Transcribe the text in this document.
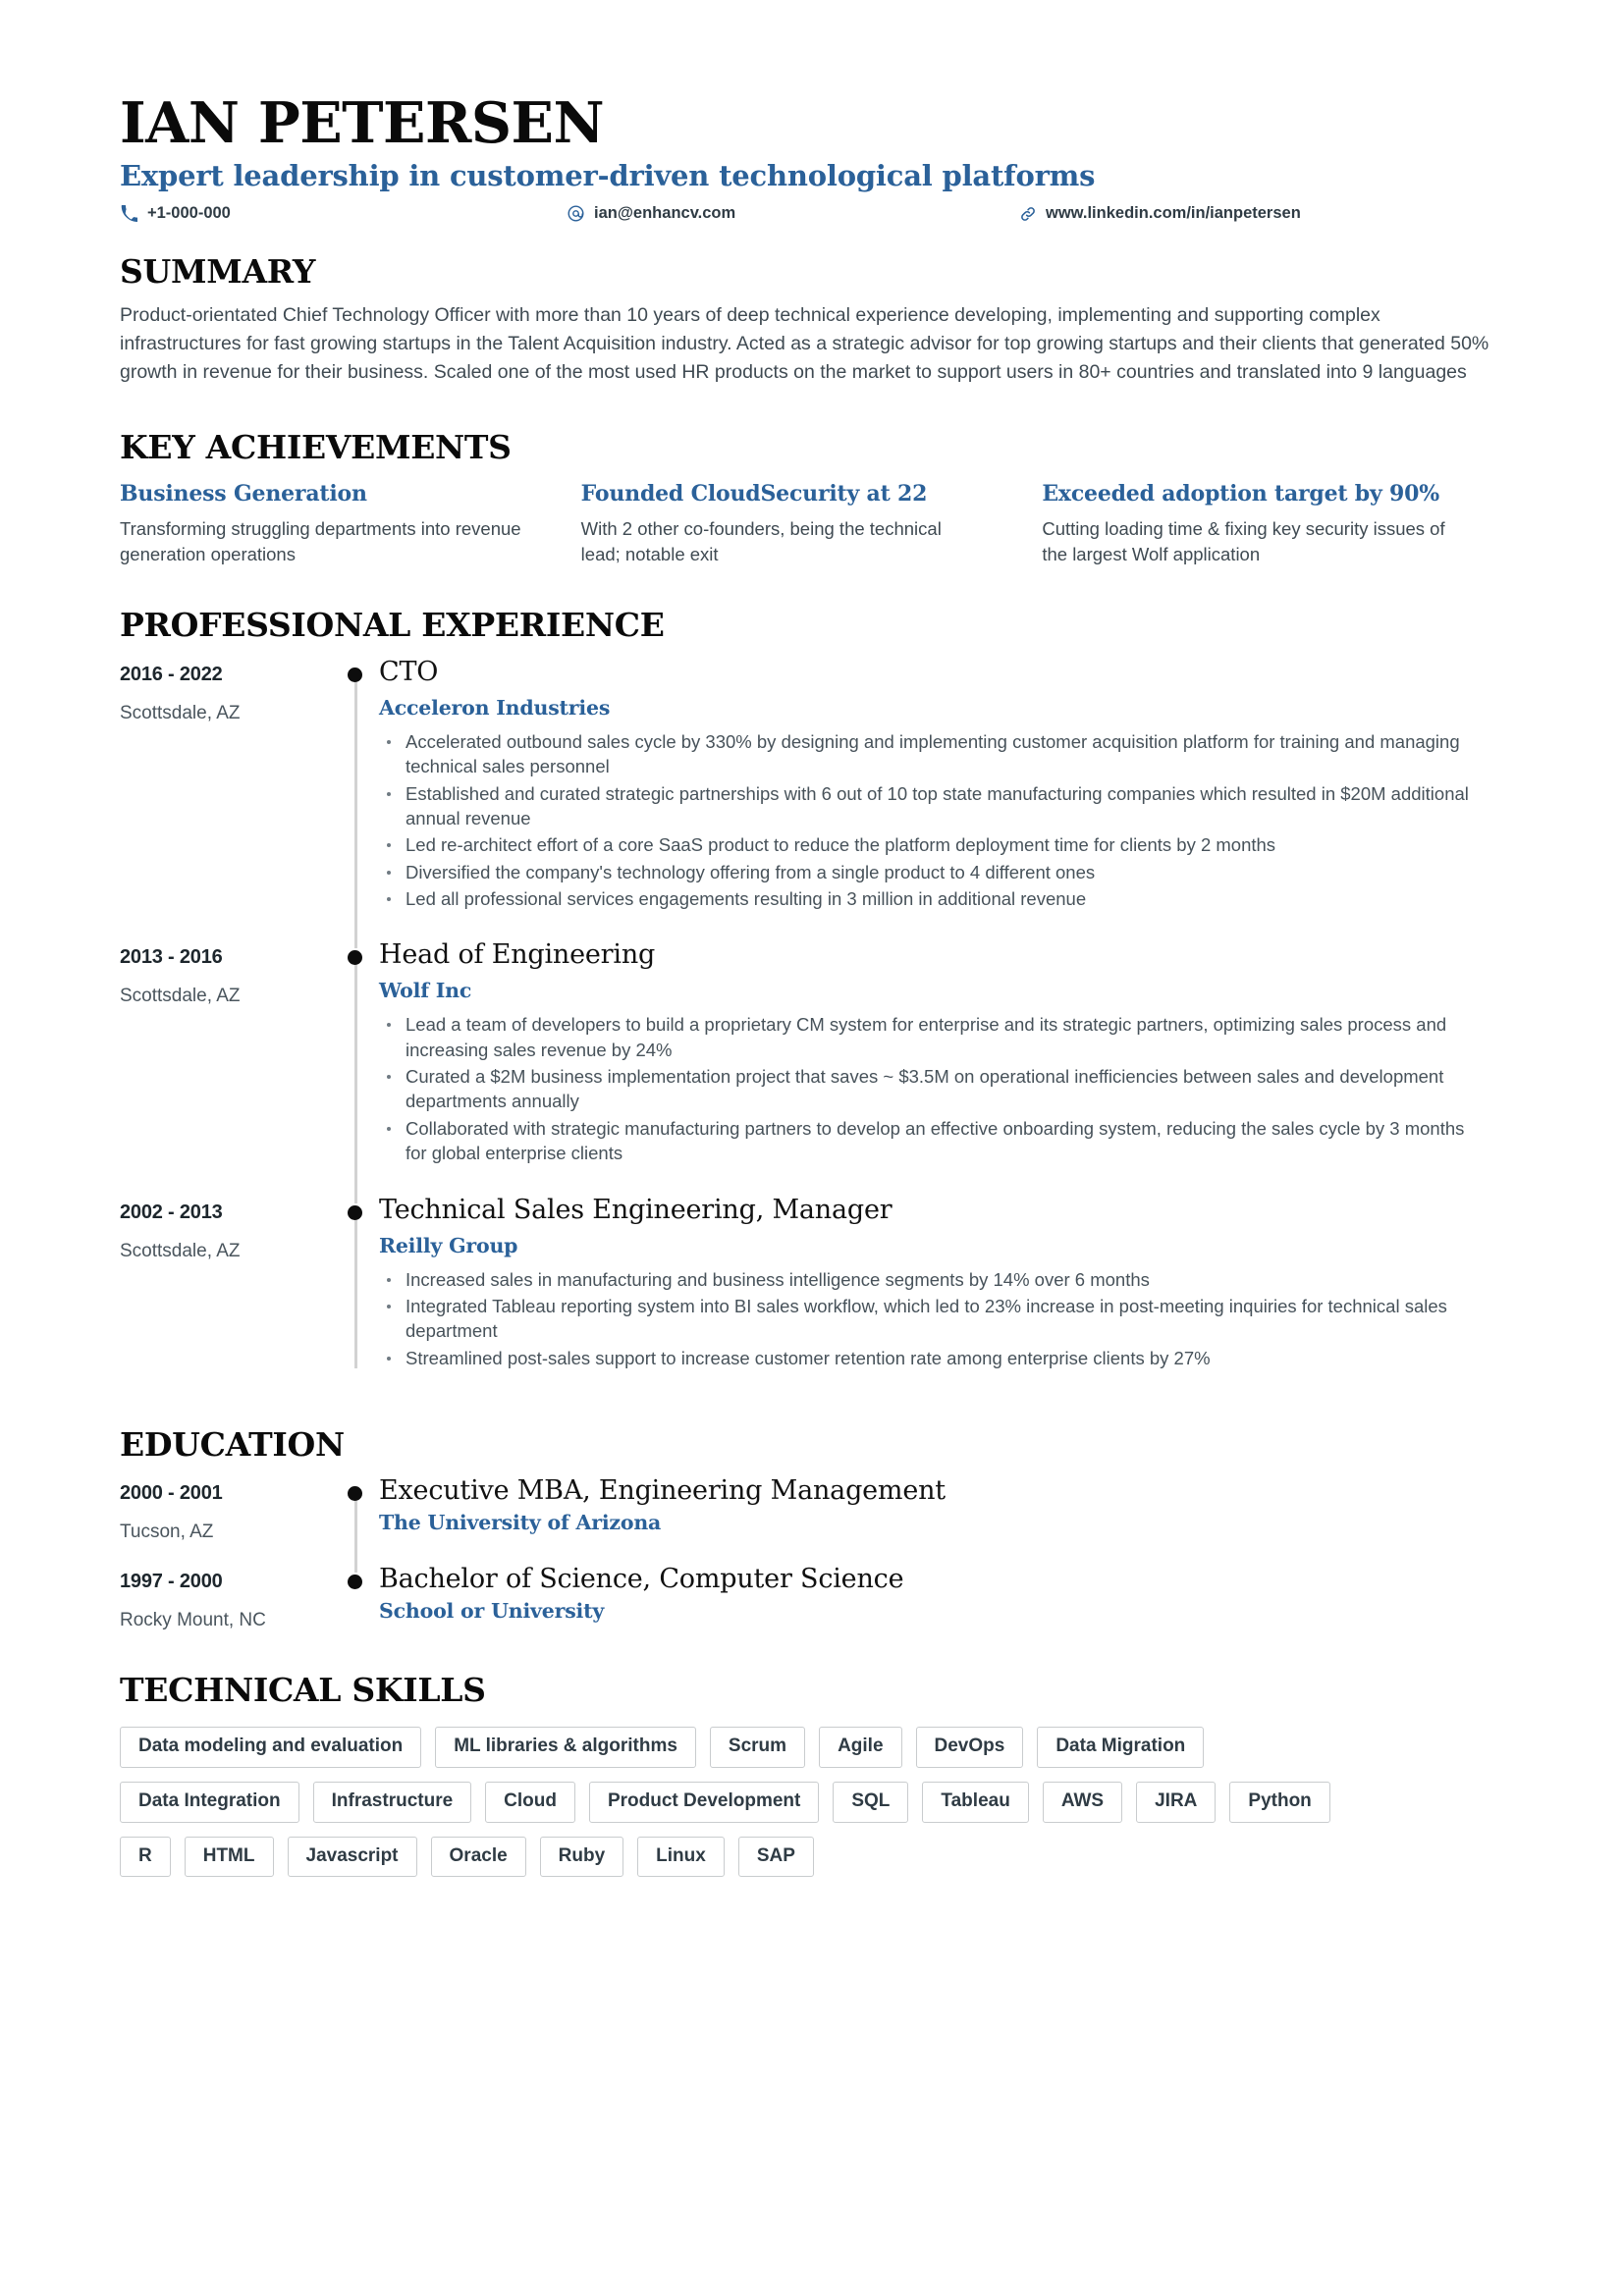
IAN PETERSEN
Expert leadership in customer-driven technological platforms
+1-000-000	ian@enhancv.com	www.linkedin.com/in/ianpetersen
SUMMARY

Product-orientated Chief Technology Officer with more than 10 years of deep technical experience developing, implementing and supporting complex infrastructures for fast growing startups in the Talent Acquisition industry. Acted as a strategic advisor for top growing startups and their clients that generated 50% growth in revenue for their business. Scaled one of the most used HR products on the market to support users in 80+ countries and translated into 9 languages

KEY ACHIEVEMENTS
Business Generation
Transforming struggling departments into revenue generation operations
Founded CloudSecurity at 22
With 2 other co-founders, being the technical lead; notable exit
Exceeded adoption target by 90%
Cutting loading time & fixing key security issues of the largest Wolf application
PROFESSIONAL EXPERIENCE
2016 - 2022
Scottsdale, AZ
CTO
Acceleron Industries
Accelerated outbound sales cycle by 330% by designing and implementing customer acquisition platform for training and managing technical sales personnel
Established and curated strategic partnerships with 6 out of 10 top state manufacturing companies which resulted in $20M additional annual revenue
Led re-architect effort of a core SaaS product to reduce the platform deployment time for clients by 2 months
Diversified the company's technology offering from a single product to 4 different ones
Led all professional services engagements resulting in 3 million in additional revenue
2013 - 2016
Scottsdale, AZ
Head of Engineering
Wolf Inc
Lead a team of developers to build a proprietary CM system for enterprise and its strategic partners, optimizing sales process and increasing sales revenue by 24%
Curated a $2M business implementation project that saves ~ $3.5M on operational inefficiencies between sales and development departments annually
Collaborated with strategic manufacturing partners to develop an effective onboarding system, reducing the sales cycle by 3 months for global enterprise clients
2002 - 2013
Scottsdale, AZ
Technical Sales Engineering, Manager
Reilly Group
Increased sales in manufacturing and business intelligence segments by 14% over 6 months
Integrated Tableau reporting system into BI sales workflow, which led to 23% increase in post-meeting inquiries for technical sales department
Streamlined post-sales support to increase customer retention rate among enterprise clients by 27%
EDUCATION
2000 - 2001
Tucson, AZ
Executive MBA, Engineering Management
The University of Arizona
1997 - 2000
Rocky Mount, NC
Bachelor of Science, Computer Science
School or University
TECHNICAL SKILLS
Data modeling and evaluation	ML libraries & algorithms	Scrum	Agile	DevOps	Data Migration
Data Integration	Infrastructure	Cloud	Product Development	SQL	Tableau	AWS	JIRA	Python
R	HTML	Javascript	Oracle	Ruby	Linux	SAP
